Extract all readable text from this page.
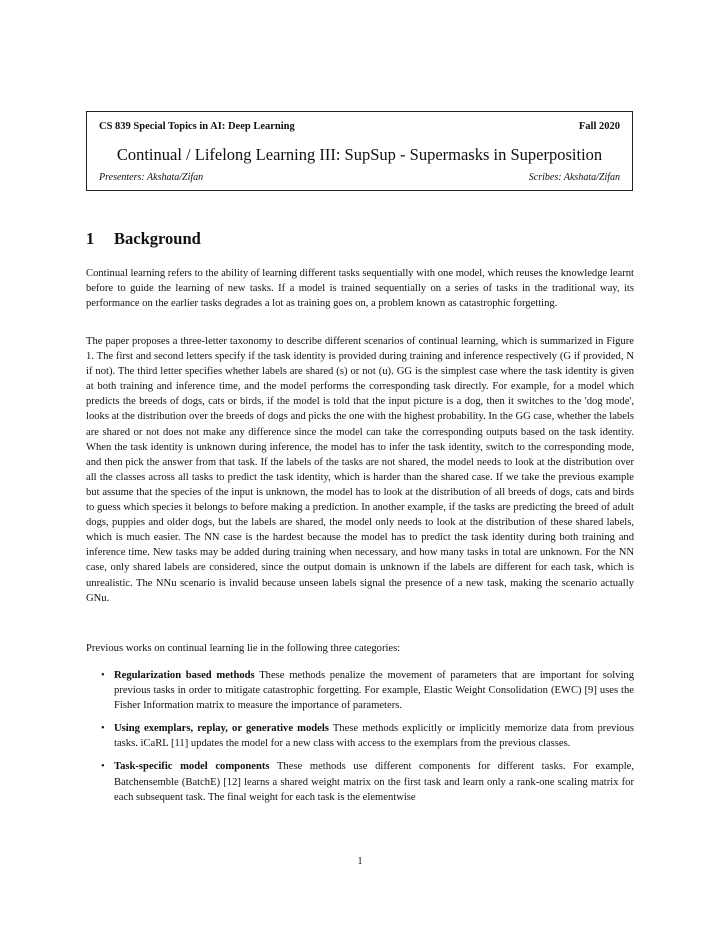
CS 839 Special Topics in AI: Deep Learning	Fall 2020
Continual / Lifelong Learning III: SupSup - Supermasks in Superposition
Presenters: Akshata/Zifan	Scribes: Akshata/Zifan
1 Background

Continual learning refers to the ability of learning different tasks sequentially with one model, which reuses the knowledge learnt before to guide the learning of new tasks. If a model is trained sequentially on a series of tasks in the traditional way, its performance on the earlier tasks degrades a lot as training goes on, a problem known as catastrophic forgetting.

The paper proposes a three-letter taxonomy to describe different scenarios of continual learning, which is summarized in Figure 1. The first and second letters specify if the task identity is provided during training and inference respectively (G if provided, N if not). The third letter specifies whether labels are shared (s) or not (u). GG is the simplest case where the task identity is given at both training and inference time, and the model performs the corresponding task directly. For example, for a model which predicts the breeds of dogs, cats or birds, if the model is told that the input picture is a dog, then it switches to the 'dog mode', looks at the distribution over the breeds of dogs and picks the one with the highest probability. In the GG case, whether the labels are shared or not does not make any difference since the model can take the corresponding outputs based on the task identity. When the task identity is unknown during inference, the model has to infer the task identity, switch to the corresponding mode, and then pick the answer from that task. If the labels of the tasks are not shared, the model needs to look at the distribution over all the classes across all tasks to predict the task identity, which is harder than the shared case. If we take the previous example but assume that the species of the input is unknown, the model has to look at the distribution of all breeds of dogs, cats and birds to guess which species it belongs to before making a prediction. In another example, if the tasks are predicting the breed of adult dogs, puppies and older dogs, but the labels are shared, the model only needs to look at the distribution of these shared labels, which is much easier. The NN case is the hardest because the model has to predict the task identity during both training and inference time. New tasks may be added during training when necessary, and how many tasks in total are unknown. For the NN case, only shared labels are considered, since the output domain is unknown if the labels are different for each task, which is unrealistic. The NNu scenario is invalid because unseen labels signal the presence of a new task, making the scenario actually GNu.

Previous works on continual learning lie in the following three categories:

• Regularization based methods These methods penalize the movement of parameters that are important for solving previous tasks in order to mitigate catastrophic forgetting. For example, Elastic Weight Consolidation (EWC) [9] uses the Fisher Information matrix to measure the importance of parameters.
• Using exemplars, replay, or generative models These methods explicitly or implicitly memorize data from previous tasks. iCaRL [11] updates the model for a new class with access to the exemplars from the previous classes.
• Task-specific model components These methods use different components for different tasks. For example, Batchensemble (BatchE) [12] learns a shared weight matrix on the first task and learn only a rank-one scaling matrix for each subsequent task. The final weight for each task is the elementwise
1
